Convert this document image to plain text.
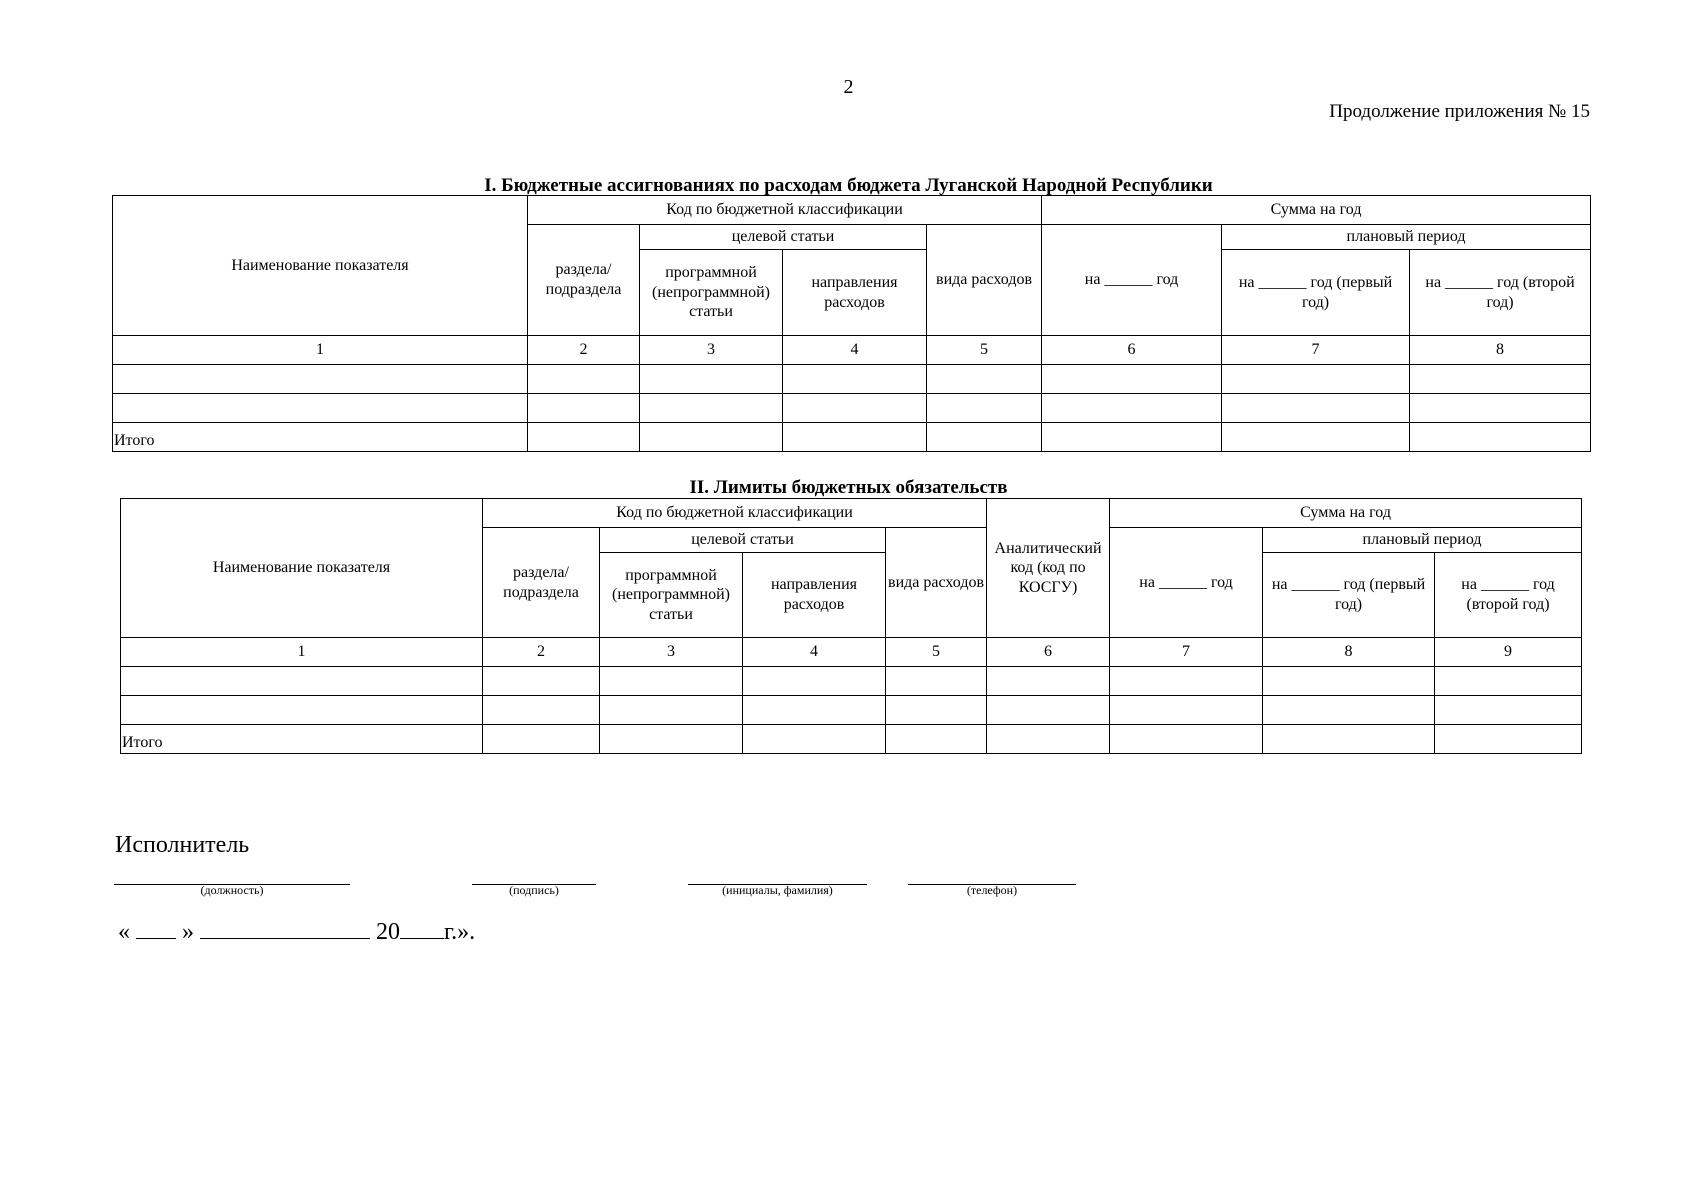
2
Продолжение приложения № 15
I. Бюджетные ассигнованиях по расходам бюджета Луганской Народной Республики
Наименование показателя	Код по бюджетной классификации				Сумма на год		
	раздела/ подраздела	целевой статьи		вида расходов	на ______ год	плановый период	
		программной (непрограммной) статьи	направления расходов			на ______ год (первый год)	на ______ год (второй год)
1	2	3	4	5	6	7	8

Итого							
II. Лимиты бюджетных обязательств
Наименование показателя	Код по бюджетной классификации				Аналитический код (код по КОСГУ)	Сумма на год		
	раздела/ подраздела	целевой статьи		вида расходов		на ______ год	плановый период	
		программной (непрограммной) статьи	направления расходов				на ______ год (первый год)	на ______ год (второй год)
1	2	3	4	5	6	7	8	9

Итого								
Исполнитель
(должность)	(подпись)	(инициалы, фамилия)	(телефон)
« »	20 г.».
